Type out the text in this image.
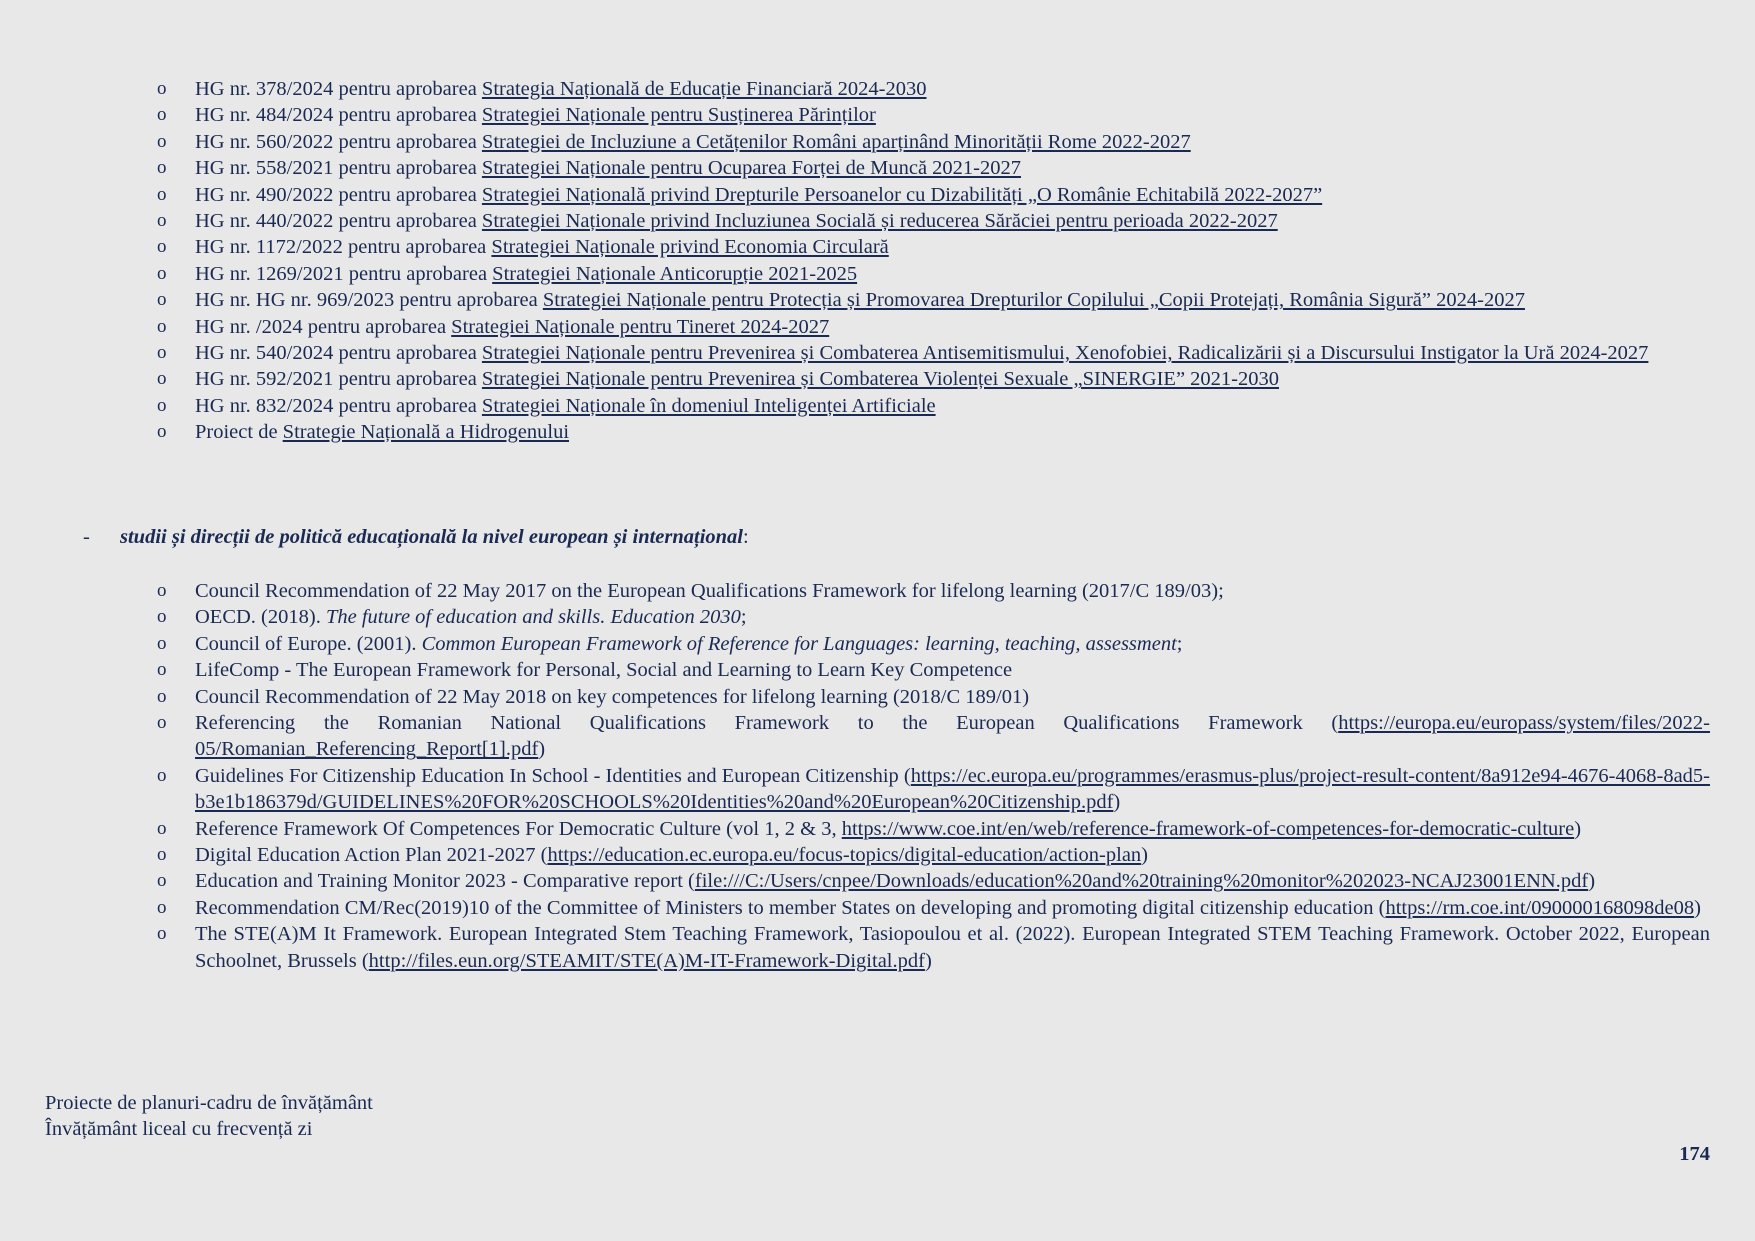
o HG nr. 378/2024 pentru aprobarea Strategia Națională de Educație Financiară 2024-2030
o HG nr. 484/2024 pentru aprobarea Strategiei Naționale pentru Susținerea Părinților
o HG nr. 560/2022 pentru aprobarea Strategiei de Incluziune a Cetățenilor Români aparținând Minorității Rome 2022-2027
o HG nr. 558/2021 pentru aprobarea Strategiei Naționale pentru Ocuparea Forței de Muncă 2021-2027
o HG nr. 490/2022 pentru aprobarea Strategiei Națională privind Drepturile Persoanelor cu Dizabilități „O Românie Echitabilă 2022-2027”
o HG nr. 440/2022 pentru aprobarea Strategiei Naționale privind Incluziunea Socială și reducerea Sărăciei pentru perioada 2022-2027
o HG nr. 1172/2022 pentru aprobarea Strategiei Naționale privind Economia Circulară
o HG nr. 1269/2021 pentru aprobarea Strategiei Naționale Anticorupție 2021-2025
o HG nr. HG nr. 969/2023 pentru aprobarea Strategiei Naționale pentru Protecția și Promovarea Drepturilor Copilului „Copii Protejați, România Sigură” 2024-2027
o HG nr. /2024 pentru aprobarea Strategiei Naționale pentru Tineret 2024-2027
o HG nr. 540/2024 pentru aprobarea Strategiei Naționale pentru Prevenirea și Combaterea Antisemitismului, Xenofobiei, Radicalizării și a Discursului Instigator la Ură 2024-2027
o HG nr. 592/2021 pentru aprobarea Strategiei Naționale pentru Prevenirea și Combaterea Violenței Sexuale „SINERGIE” 2021-2030
o HG nr. 832/2024 pentru aprobarea Strategiei Naționale în domeniul Inteligenței Artificiale
o Proiect de Strategie Națională a Hidrogenului
- studii și direcții de politică educațională la nivel european și internațional:
o Council Recommendation of 22 May 2017 on the European Qualifications Framework for lifelong learning (2017/C 189/03);
o OECD. (2018). The future of education and skills. Education 2030;
o Council of Europe. (2001). Common European Framework of Reference for Languages: learning, teaching, assessment;
o LifeComp - The European Framework for Personal, Social and Learning to Learn Key Competence
o Council Recommendation of 22 May 2018 on key competences for lifelong learning (2018/C 189/01)
o Referencing the Romanian National Qualifications Framework to the European Qualifications Framework (https://europa.eu/europass/system/files/2022-05/Romanian_Referencing_Report[1].pdf)
o Guidelines For Citizenship Education In School - Identities and European Citizenship (https://ec.europa.eu/programmes/erasmus-plus/project-result-content/8a912e94-4676-4068-8ad5-b3e1b186379d/GUIDELINES%20FOR%20SCHOOLS%20Identities%20and%20European%20Citizenship.pdf)
o Reference Framework Of Competences For Democratic Culture (vol 1, 2 & 3, https://www.coe.int/en/web/reference-framework-of-competences-for-democratic-culture)
o Digital Education Action Plan 2021-2027 (https://education.ec.europa.eu/focus-topics/digital-education/action-plan)
o Education and Training Monitor 2023 - Comparative report (file:///C:/Users/cnpee/Downloads/education%20and%20training%20monitor%202023-NCAJ23001ENN.pdf)
o Recommendation CM/Rec(2019)10 of the Committee of Ministers to member States on developing and promoting digital citizenship education (https://rm.coe.int/090000168098de08)
o The STE(A)M It Framework. European Integrated Stem Teaching Framework, Tasiopoulou et al. (2022). European Integrated STEM Teaching Framework. October 2022, European Schoolnet, Brussels (http://files.eun.org/STEAMIT/STE(A)M-IT-Framework-Digital.pdf)
Proiecte de planuri-cadru de învățământ
Învățământ liceal cu frecvență zi
174
